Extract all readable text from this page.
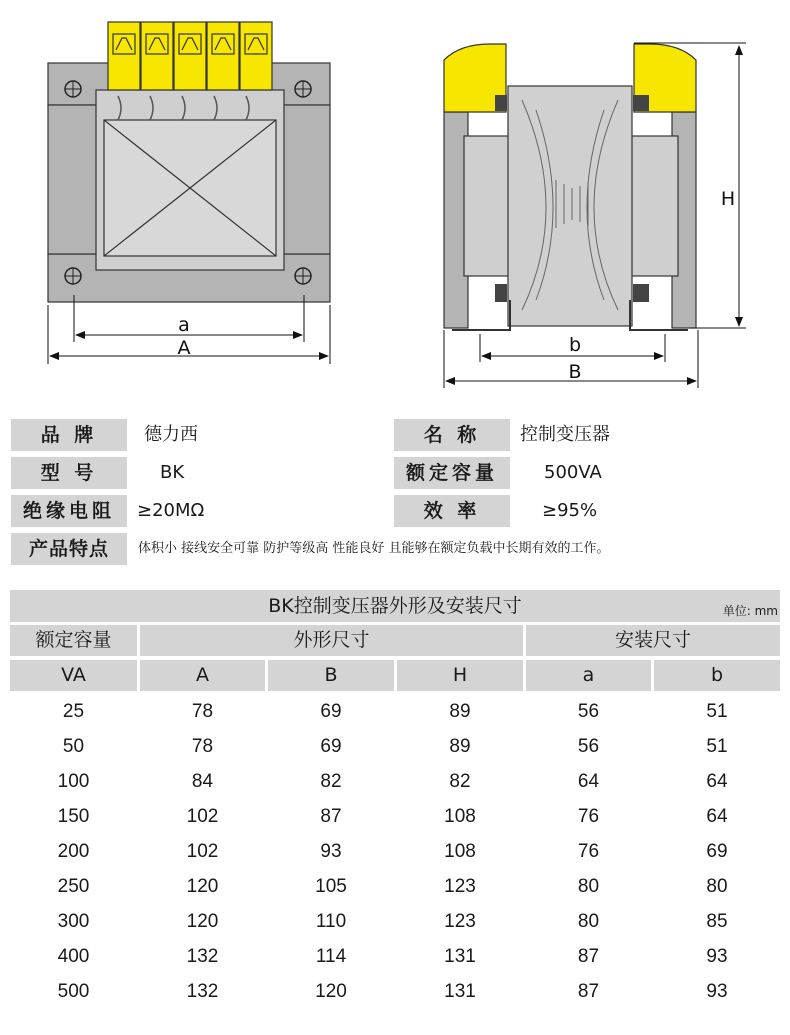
a
A
H
b
B
品 牌	德力西	名 称	控制变压器
型 号	BK	额定容量	500VA
绝缘电阻	≥20MΩ	效 率	≥95%
产品特点	体积小 接线安全可靠 防护等级高 性能良好 且能够在额定负载中长期有效的工作。
BK控制变压器外形及安装尺寸	单位: mm
额定容量	外形尺寸	安装尺寸
VA	A	B	H	a	b
25	78	69	89	56	51
50	78	69	89	56	51
100	84	82	82	64	64
150	102	87	108	76	64
200	102	93	108	76	69
250	120	105	123	80	80
300	120	110	123	80	85
400	132	114	131	87	93
500	132	120	131	87	93
